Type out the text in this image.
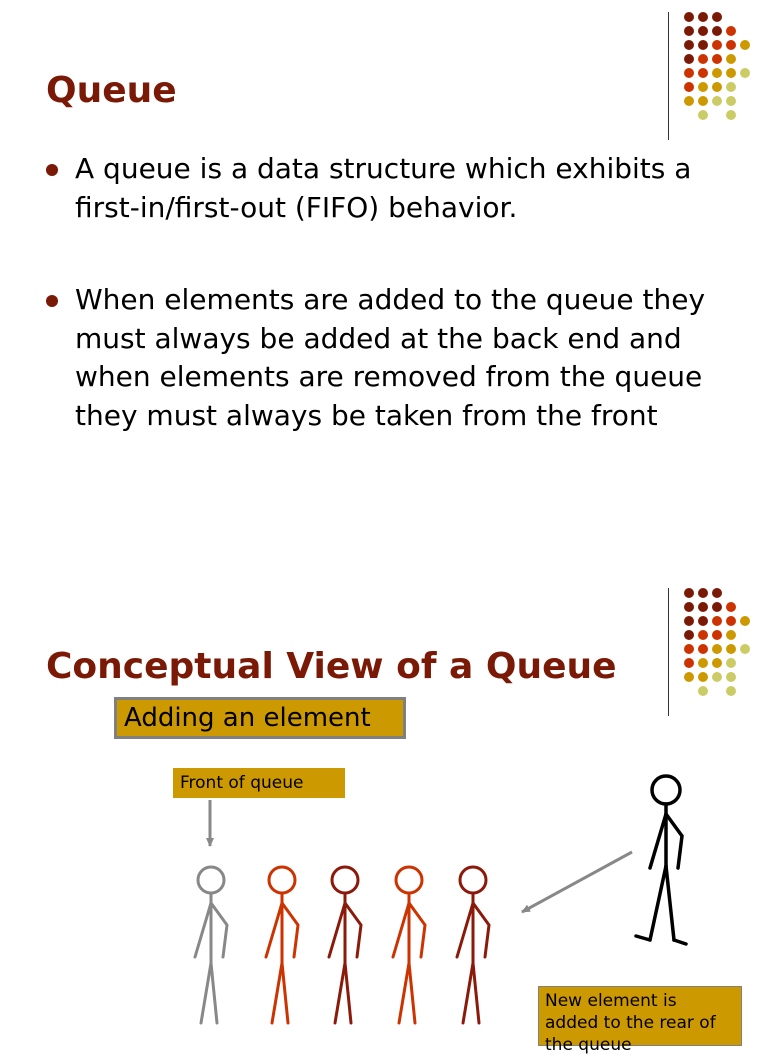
Queue
A queue is a data structure which exhibits a first-in/first-out (FIFO) behavior.
When elements are added to the queue they must always be added at the back end and when elements are removed from the queue they must always be taken from the front
Conceptual View of a Queue
Adding an element
Front of queue
New element is added to the rear of the queue
